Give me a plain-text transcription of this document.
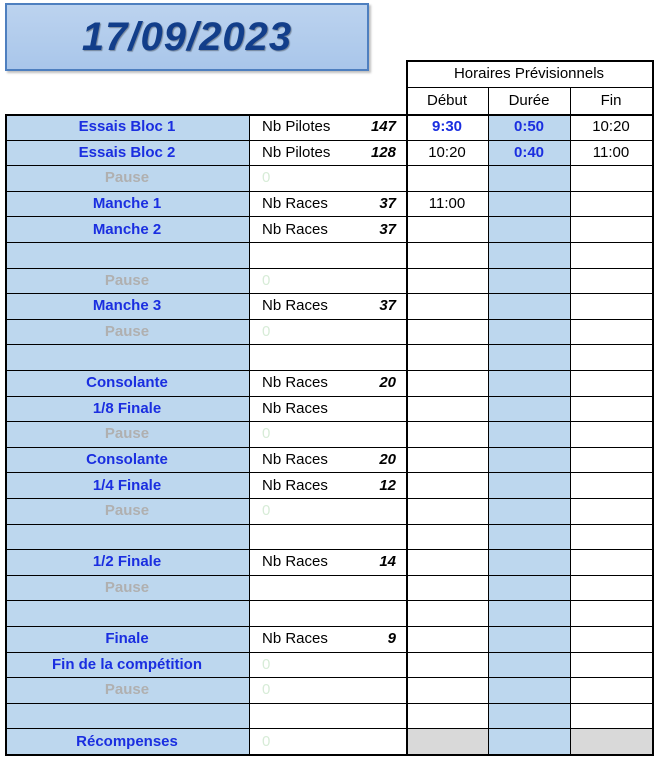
17/09/2023
Horaires Prévisionnels
Début	Durée	Fin
Essais Bloc 1	Nb Pilotes	147	9:30	0:50	10:20
Essais Bloc 2	Nb Pilotes	128	10:20	0:40	11:00
Pause	0
Manche 1	Nb Races	37	11:00
Manche 2	Nb Races	37
Pause	0
Manche 3	Nb Races	37
Pause	0
Consolante	Nb Races	20
1/8 Finale	Nb Races
Pause	0
Consolante	Nb Races	20
1/4 Finale	Nb Races	12
Pause	0
1/2 Finale	Nb Races	14
Pause
Finale	Nb Races	9
Fin de la compétition	0
Pause	0
Récompenses	0
